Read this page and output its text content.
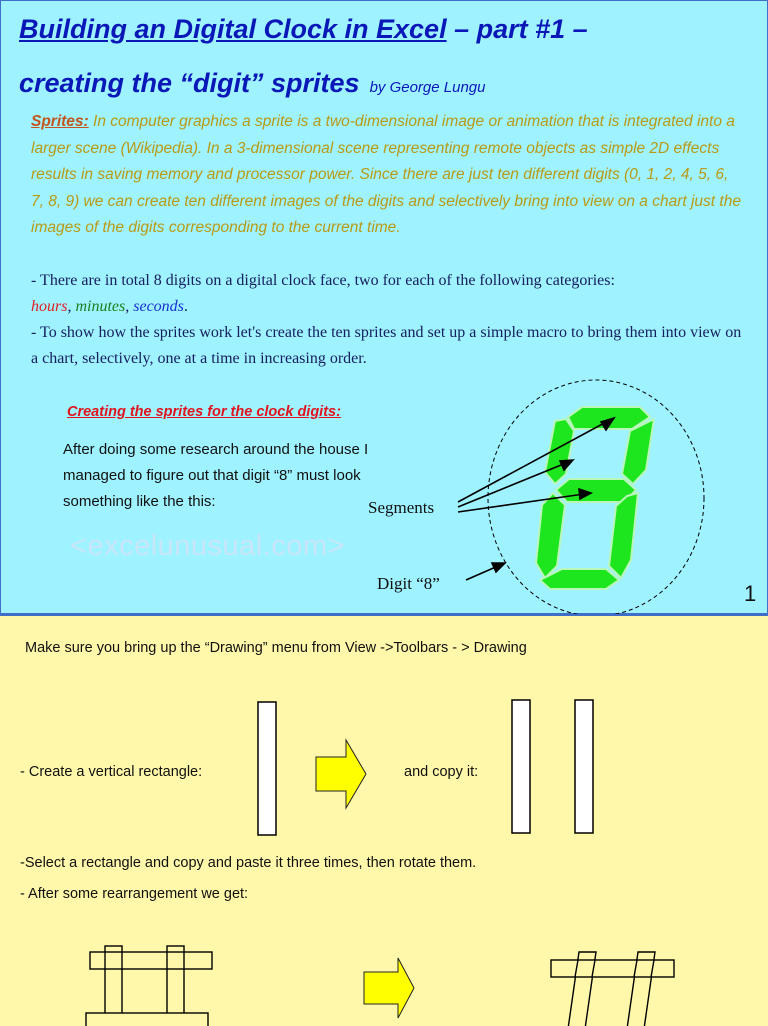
Building an Digital Clock in Excel – part #1 –
creating the “digit” sprites by George Lungu
Sprites: In computer graphics a sprite is a two-dimensional image or animation that is integrated into a larger scene (Wikipedia). In a 3-dimensional scene representing remote objects as simple 2D effects results in saving memory and processor power. Since there are just ten different digits (0, 1, 2, 4, 5, 6, 7, 8, 9) we can create ten different images of the digits and selectively bring into view on a chart just the images of the digits corresponding to the current time.
- There are in total 8 digits on a digital clock face, two for each of the following categories:
hours, minutes, seconds.
- To show how the sprites work let's create the ten sprites and set up a simple macro to bring them into view on a chart, selectively, one at a time in increasing order.
Creating the sprites for the clock digits:
After doing some research around the house I managed to figure out that digit “8” must look something like the this:
<excelunusual.com>
Segments
Digit “8”	1
Make sure you bring up the “Drawing” menu from View ->Toolbars - > Drawing
- Create a vertical rectangle:	and copy it:
-Select a rectangle and copy and paste it three times, then rotate them.
- After some rearrangement we get:
